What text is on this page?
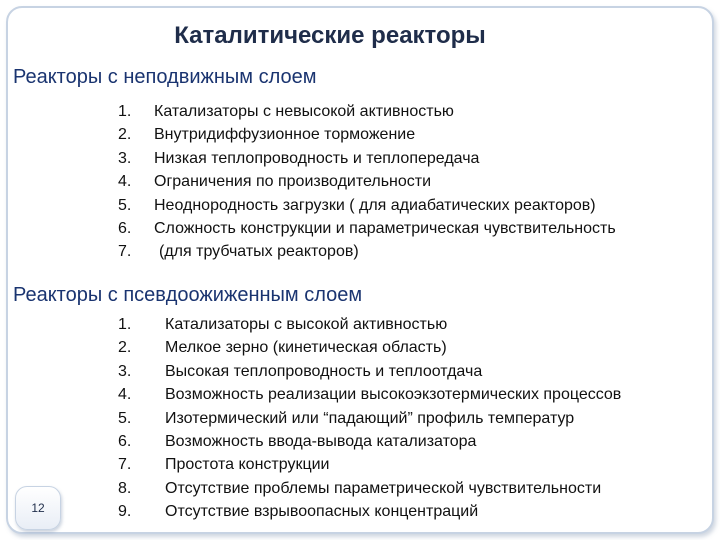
Каталитические реакторы
Реакторы с неподвижным слоем
1. Катализаторы с невысокой активностью
2. Внутридиффузионное торможение
3. Низкая теплопроводность и теплопередача
4. Ограничения по производительности
5. Неоднородность загрузки ( для адиабатических реакторов)
6. Сложность конструкции и параметрическая чувствительность
7. (для трубчатых реакторов)
Реакторы с псевдоожиженным слоем
1. Катализаторы с высокой активностью
2. Мелкое зерно (кинетическая область)
3. Высокая теплопроводность и теплоотдача
4. Возможность реализации высокоэкзотермических процессов
5. Изотермический или “падающий” профиль температур
6. Возможность ввода-вывода катализатора
7. Простота конструкции
8. Отсутствие проблемы параметрической чувствительности
9. Отсутствие взрывоопасных концентраций
12
